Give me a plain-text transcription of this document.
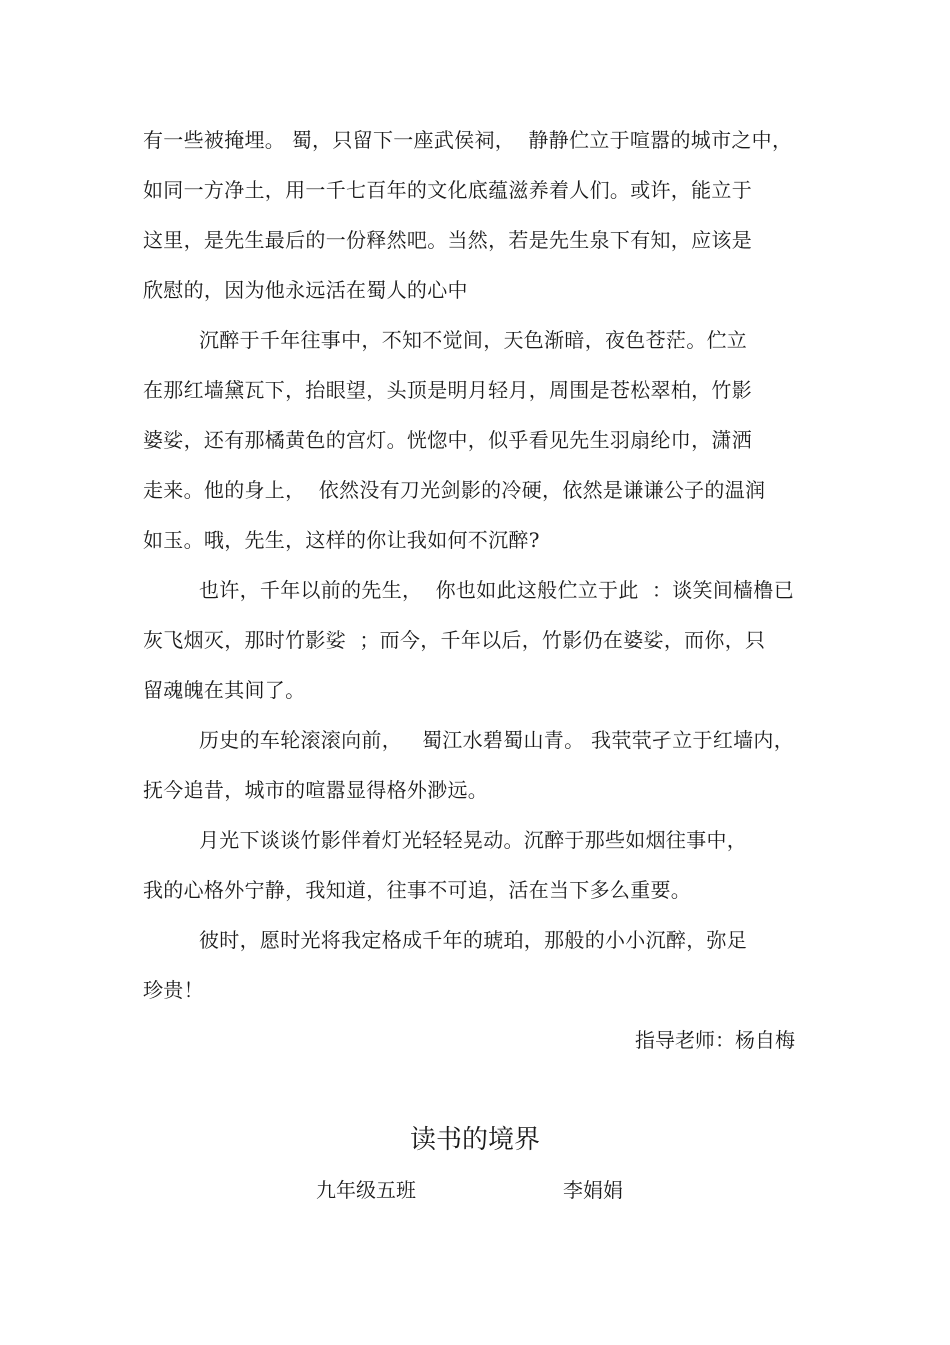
有一些被掩埋。 蜀，只留下一座武侯祠，  静静伫立于喧嚣的城市之中，
如同一方净土，用一千七百年的文化底蕴滋养着人们。或许，能立于
这里，是先生最后的一份释然吧。当然，若是先生泉下有知，应该是
欣慰的，因为他永远活在蜀人的心中
沉醉于千年往事中，不知不觉间，天色渐暗，夜色苍茫。伫立
在那红墙黛瓦下，抬眼望，头顶是明月轻月，周围是苍松翠柏，竹影
婆娑，还有那橘黄色的宫灯。恍惚中，似乎看见先生羽扇纶巾，潇洒
走来。他的身上，  依然没有刀光剑影的冷硬，依然是谦谦公子的温润
如玉。哦，先生，这样的你让我如何不沉醉?
也许，千年以前的先生，  你也如此这般伫立于此  ：谈笑间樯橹已
灰飞烟灭，那时竹影娑  ；而今，千年以后，竹影仍在婆娑，而你，只
留魂魄在其间了。
历史的车轮滚滚向前，   蜀江水碧蜀山青。 我茕茕孑立于红墙内，
抚今追昔，城市的喧嚣显得格外渺远。
月光下谈谈竹影伴着灯光轻轻晃动。沉醉于那些如烟往事中，
我的心格外宁静，我知道，往事不可追，活在当下多么重要。
彼时，愿时光将我定格成千年的琥珀，那般的小小沉醉，弥足
珍贵！
指导老师：杨自梅
读书的境界
九年级五班	李娟娟
